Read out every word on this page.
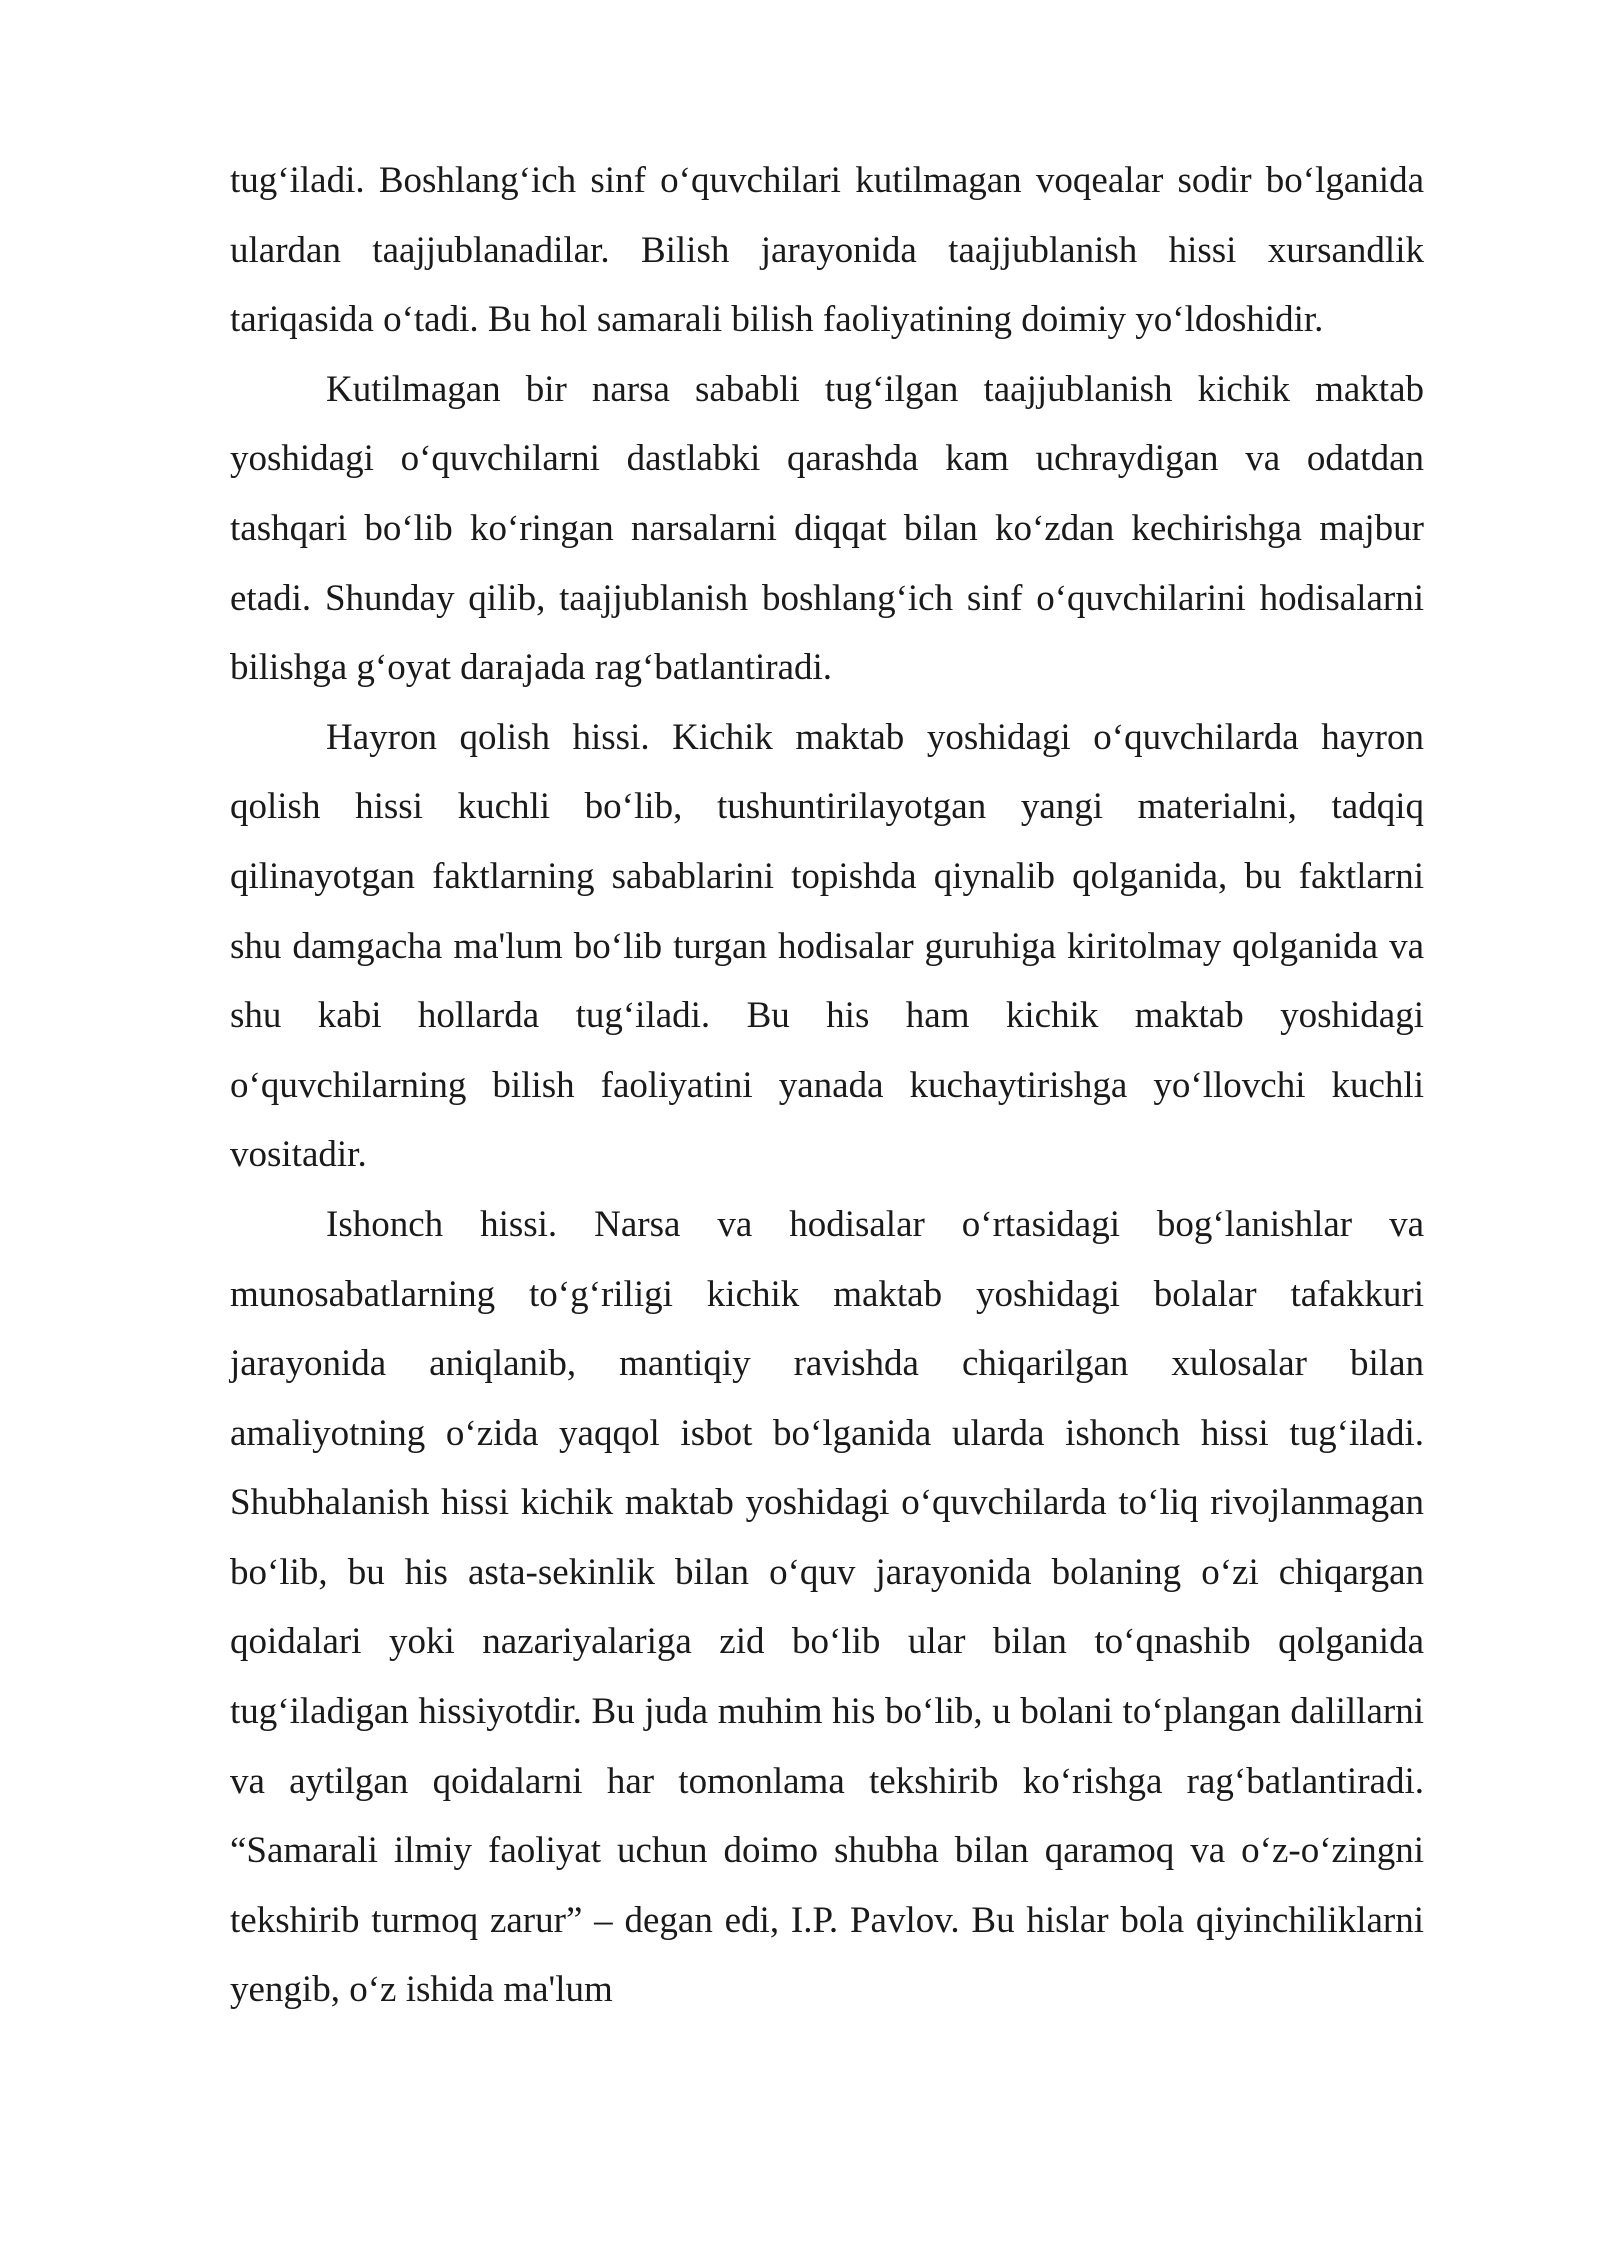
tug‘iladi. Boshlang‘ich sinf o‘quvchilari kutilmagan voqealar sodir bo‘lganida ulardan taajjublanadilar. Bilish jarayonida taajjublanish hissi xursandlik tariqasida o‘tadi. Bu hol samarali bilish faoliyatining doimiy yo‘ldoshidir.

Kutilmagan bir narsa sababli tug‘ilgan taajjublanish kichik maktab yoshidagi o‘quvchilarni dastlabki qarashda kam uchraydigan va odatdan tashqari bo‘lib ko‘ringan narsalarni diqqat bilan ko‘zdan kechirishga majbur etadi. Shunday qilib, taajjublanish boshlang‘ich sinf o‘quvchilarini hodisalarni bilishga g‘oyat darajada rag‘batlantiradi.

Hayron qolish hissi. Kichik maktab yoshidagi o‘quvchilarda hayron qolish hissi kuchli bo‘lib, tushuntirilayotgan yangi materialni, tadqiq qilinayotgan faktlarning sabablarini topishda qiynalib qolganida, bu faktlarni shu damgacha ma'lum bo‘lib turgan hodisalar guruhiga kiritolmay qolganida va shu kabi hollarda tug‘iladi. Bu his ham kichik maktab yoshidagi o‘quvchilarning bilish faoliyatini yanada kuchaytirishga yo‘llovchi kuchli vositadir.

Ishonch hissi. Narsa va hodisalar o‘rtasidagi bog‘lanishlar va munosabatlarning to‘g‘riligi kichik maktab yoshidagi bolalar tafakkuri jarayonida aniqlanib, mantiqiy ravishda chiqarilgan xulosalar bilan amaliyotning o‘zida yaqqol isbot bo‘lganida ularda ishonch hissi tug‘iladi. Shubhalanish hissi kichik maktab yoshidagi o‘quvchilarda to‘liq rivojlanmagan bo‘lib, bu his asta-sekinlik bilan o‘quv jarayonida bolaning o‘zi chiqargan qoidalari yoki nazariyalariga zid bo‘lib ular bilan to‘qnashib qolganida tug‘iladigan hissiyotdir. Bu juda muhim his bo‘lib, u bolani to‘plangan dalillarni va aytilgan qoidalarni har tomonlama tekshirib ko‘rishga rag‘batlantiradi. “Samarali ilmiy faoliyat uchun doimo shubha bilan qaramoq va o‘z-o‘zingni tekshirib turmoq zarur” – degan edi, I.P. Pavlov. Bu hislar bola qiyinchiliklarni yengib, o‘z ishida ma'lum
